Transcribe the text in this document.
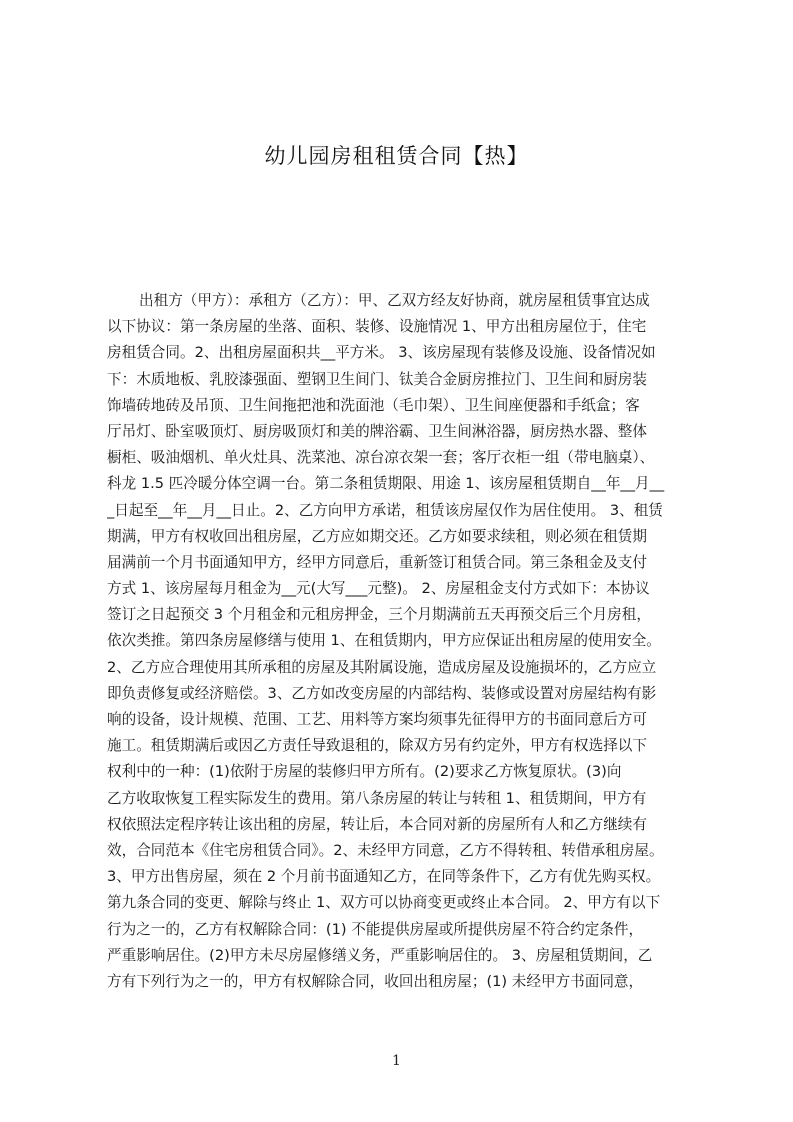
幼儿园房租租赁合同【热】
出租方（甲方）：承租方（乙方）：甲、乙双方经友好协商，就房屋租赁事宜达成
以下协议：第一条房屋的坐落、面积、装修、设施情况 1、甲方出租房屋位于，住宅
房租赁合同。2、出租房屋面积共__平方米。 3、该房屋现有装修及设施、设备情况如
下：木质地板、乳胶漆强面、塑钢卫生间门、钛美合金厨房推拉门、卫生间和厨房装
饰墙砖地砖及吊顶、卫生间拖把池和洗面池（毛巾架）、卫生间座便器和手纸盒；客
厅吊灯、卧室吸顶灯、厨房吸顶灯和美的牌浴霸、卫生间淋浴器，厨房热水器、整体
橱柜、吸油烟机、单火灶具、洗菜池、凉台凉衣架一套；客厅衣柜一组（带电脑桌）、
科龙 1.5 匹冷暖分体空调一台。第二条租赁期限、用途 1、该房屋租赁期自__年__月__
_日起至__年__月__日止。2、乙方向甲方承诺，租赁该房屋仅作为居住使用。 3、租赁
期满，甲方有权收回出租房屋，乙方应如期交还。乙方如要求续租，则必须在租赁期
届满前一个月书面通知甲方，经甲方同意后，重新签订租赁合同。第三条租金及支付
方式 1、该房屋每月租金为__元(大写___元整)。 2、房屋租金支付方式如下：本协议
签订之日起预交 3 个月租金和元租房押金，三个月期满前五天再预交后三个月房租，
依次类推。第四条房屋修缮与使用 1、在租赁期内，甲方应保证出租房屋的使用安全。
2、乙方应合理使用其所承租的房屋及其附属设施，造成房屋及设施损坏的，乙方应立
即负责修复或经济赔偿。3、乙方如改变房屋的内部结构、装修或设置对房屋结构有影
响的设备，设计规模、范围、工艺、用料等方案均须事先征得甲方的书面同意后方可
施工。租赁期满后或因乙方责任导致退租的，除双方另有约定外，甲方有权选择以下
权利中的一种：(1)依附于房屋的装修归甲方所有。(2)要求乙方恢复原状。(3)向
乙方收取恢复工程实际发生的费用。第八条房屋的转让与转租 1、租赁期间，甲方有
权依照法定程序转让该出租的房屋，转让后，本合同对新的房屋所有人和乙方继续有
效，合同范本《住宅房租赁合同》。2、未经甲方同意，乙方不得转租、转借承租房屋。
3、甲方出售房屋，须在 2 个月前书面通知乙方，在同等条件下，乙方有优先购买权。
第九条合同的变更、解除与终止 1、双方可以协商变更或终止本合同。 2、甲方有以下
行为之一的，乙方有权解除合同：(1) 不能提供房屋或所提供房屋不符合约定条件，
严重影响居住。(2)甲方未尽房屋修缮义务，严重影响居住的。 3、房屋租赁期间，乙
方有下列行为之一的，甲方有权解除合同，收回出租房屋；(1) 未经甲方书面同意，
1
